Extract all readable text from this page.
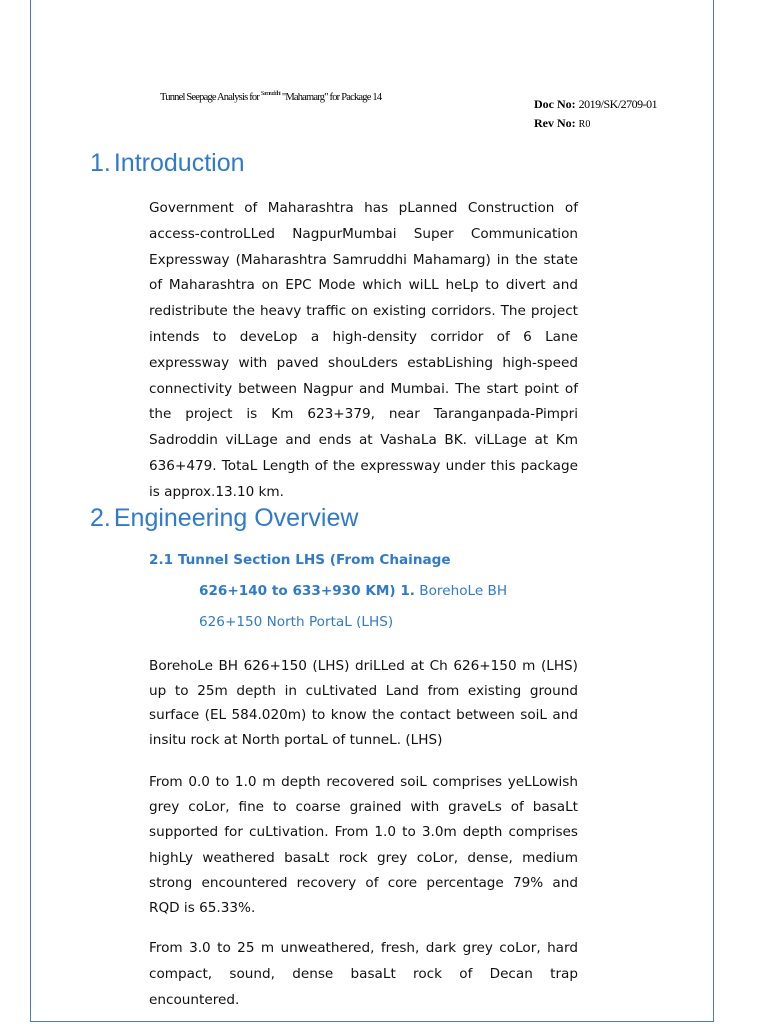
Tunnel Seepage Analysis for $^{Samruddhi}$ "Mahamarg" for Package 14	Doc No: 2019/SK/2709-01
Rev No: R0
1. Introduction

Government of Maharashtra has pLanned Construction of access-controLLed NagpurMumbai Super Communication Expressway (Maharashtra Samruddhi Mahamarg) in the state of Maharashtra on EPC Mode which wiLL heLp to divert and redistribute the heavy traffic on existing corridors. The project intends to deveLop a high-density corridor of 6 Lane expressway with paved shouLders estabLishing high-speed connectivity between Nagpur and Mumbai. The start point of the project is Km 623+379, near Taranganpada-Pimpri Sadroddin viLLage and ends at VashaLa BK. viLLage at Km 636+479. TotaL Length of the expressway under this package is approx.13.10 km.

2. Engineering Overview
2.1 Tunnel Section LHS (From Chainage
626+140 to 633+930 KM) 1. BorehoLe BH
626+150 North PortaL (LHS)

BorehoLe BH 626+150 (LHS) driLLed at Ch 626+150 m (LHS) up to 25m depth in cuLtivated Land from existing ground surface (EL 584.020m) to know the contact between soiL and insitu rock at North portaL of tunneL. (LHS)

From 0.0 to 1.0 m depth recovered soiL comprises yeLLowish grey coLor, fine to coarse grained with graveLs of basaLt supported for cuLtivation. From 1.0 to 3.0m depth comprises highLy weathered basaLt rock grey coLor, dense, medium strong encountered recovery of core percentage 79% and RQD is 65.33%.

From 3.0 to 25 m unweathered, fresh, dark grey coLor, hard compact, sound, dense basaLt rock of Decan trap encountered.
